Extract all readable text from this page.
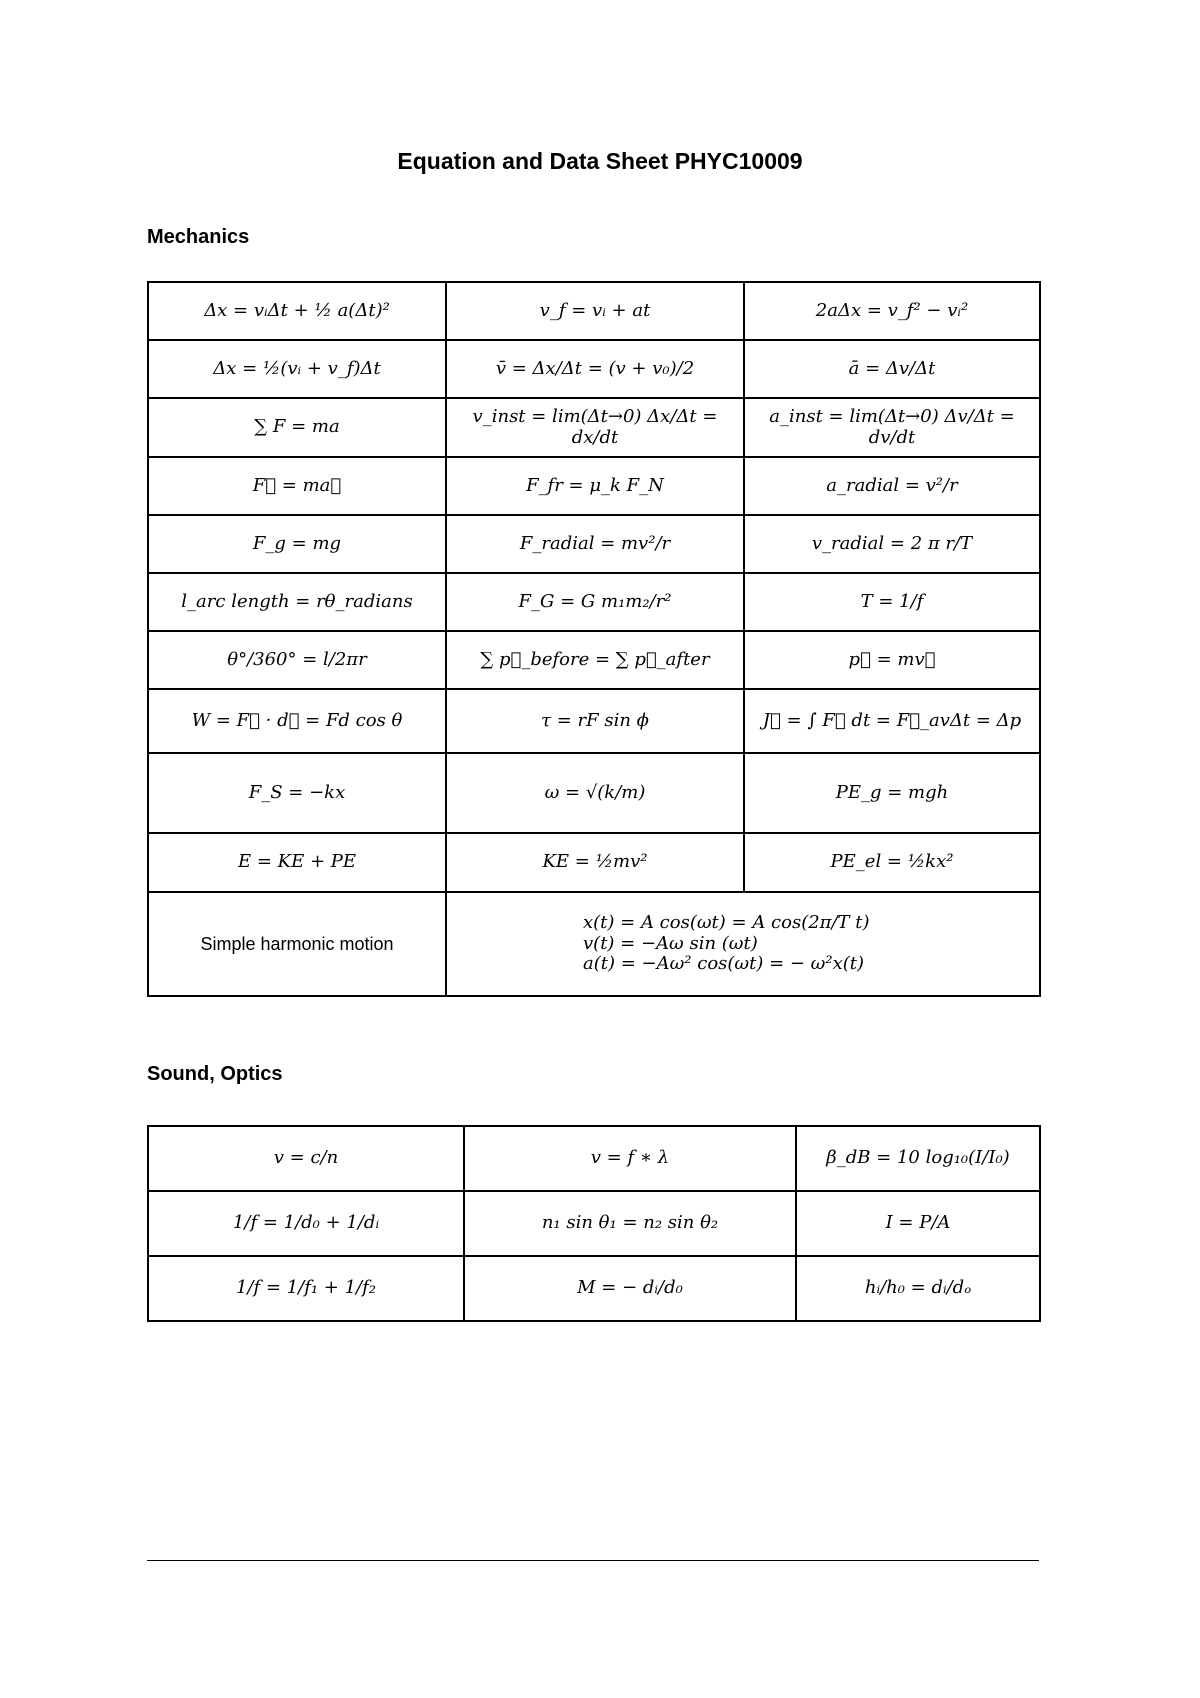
Equation and Data Sheet PHYC10009
Mechanics
Δx = vᵢΔt + ½ a(Δt)²	v_f = vᵢ + at	2aΔx = v_f² − vᵢ²
Δx = ½(vᵢ + v_f)Δt	v̄ = Δx/Δt = (v + v₀)/2	ā = Δv/Δt
∑ F = ma	v_inst = lim(Δt→0) Δx/Δt = dx/dt	a_inst = lim(Δt→0) Δv/Δt = dv/dt
F⃗ = ma⃗	F_fr = μ_k F_N	a_radial = v²/r
F_g = mg	F_radial = mv²/r	v_radial = 2 π r/T
l_arc length = rθ_radians	F_G = G m₁m₂/r²	T = 1/f
θ°/360° = l/2πr	∑ p⃗_before = ∑ p⃗_after	p⃗ = mv⃗
W = F⃗ · d⃗ = Fd cos θ	τ = rF sin ϕ	J⃗ = ∫ F⃗ dt = F⃗_avΔt = Δp
F_S = −kx	ω = √(k/m)	PE_g = mgh
E = KE + PE	KE = ½mv²	PE_el = ½kx²
Simple harmonic motion	x(t) = A cos(ωt) = A cos(2π/T t)
v(t) = −Aω sin (ωt)
a(t) = −Aω² cos(ωt) = − ω²x(t)	
Sound, Optics
v = c/n	v = f ∗ λ	β_dB = 10 log₁₀(I/I₀)
1/f = 1/d₀ + 1/dᵢ	n₁ sin θ₁ = n₂ sin θ₂	I = P/A
1/f = 1/f₁ + 1/f₂	M = − dᵢ/d₀	hᵢ/h₀ = dᵢ/dₒ
